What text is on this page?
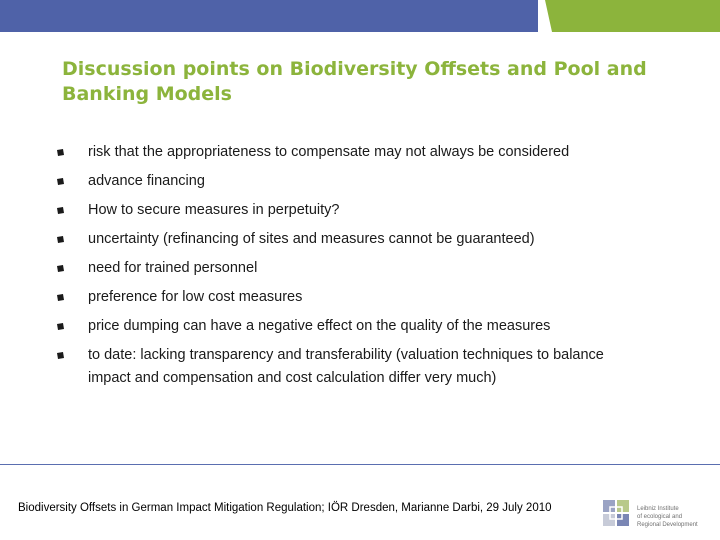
Discussion points on Biodiversity Offsets and Pool and Banking Models
risk that the appropriateness to compensate may not always be considered
advance financing
How to secure measures in perpetuity?
uncertainty (refinancing of sites and measures cannot be guaranteed)
need for trained personnel
preference for low cost measures
price dumping can have a negative effect on the quality of the measures
to date: lacking transparency and transferability (valuation techniques to balance impact and compensation and cost calculation differ very much)
Biodiversity Offsets in German Impact Mitigation Regulation; IÖR Dresden, Marianne Darbi, 29 July 2010	Leibniz Institute
of ecological and
Regional Development
